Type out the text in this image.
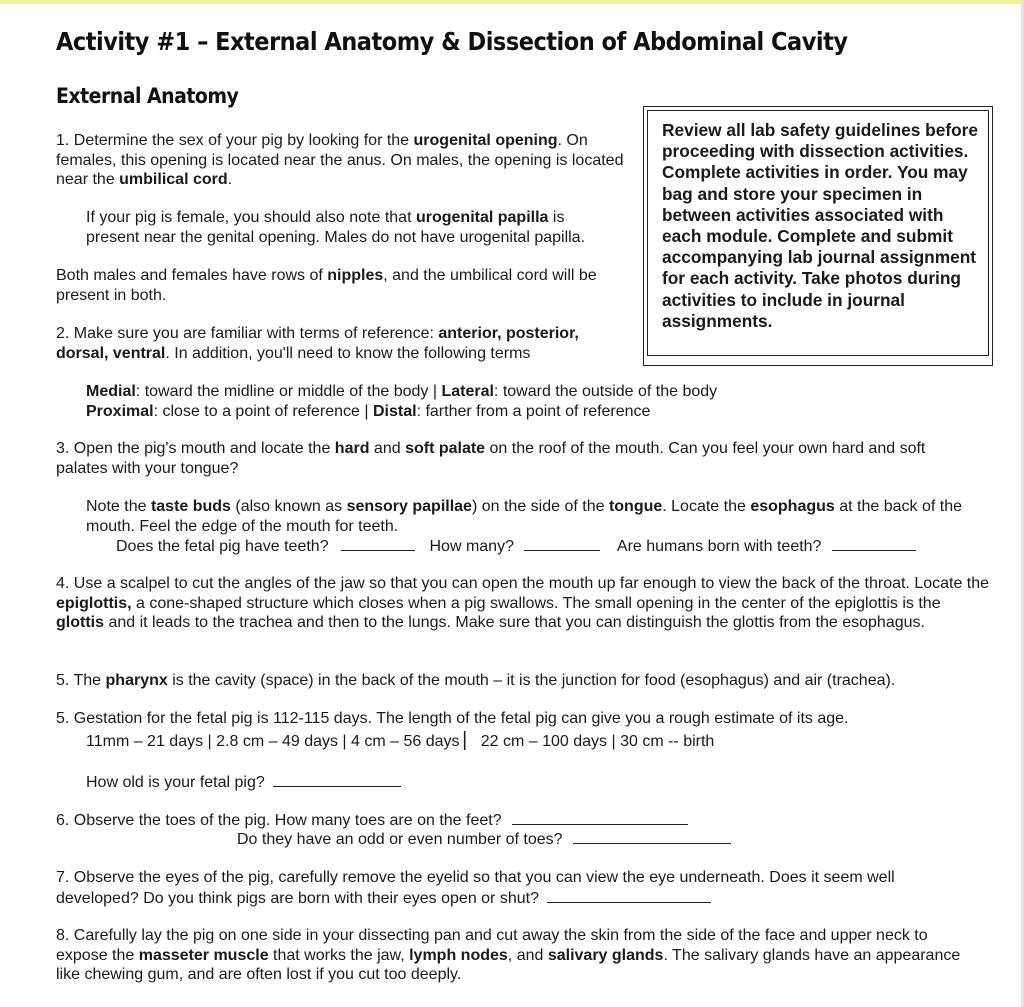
Activity #1 – External Anatomy & Dissection of Abdominal Cavity
External Anatomy
Review all lab safety guidelines before proceeding with dissection activities. Complete activities in order. You may bag and store your specimen in between activities associated with each module. Complete and submit accompanying lab journal assignment for each activity. Take photos during activities to include in journal assignments.
1. Determine the sex of your pig by looking for the urogenital opening. On females, this opening is located near the anus. On males, the opening is located near the umbilical cord.
If your pig is female, you should also note that urogenital papilla is present near the genital opening. Males do not have urogenital papilla.
Both males and females have rows of nipples, and the umbilical cord will be present in both.
2. Make sure you are familiar with terms of reference: anterior, posterior, dorsal, ventral. In addition, you'll need to know the following terms

Medial: toward the midline or middle of the body | Lateral: toward the outside of the body

Proximal: close to a point of reference | Distal: farther from a point of reference

3. Open the pig's mouth and locate the hard and soft palate on the roof of the mouth. Can you feel your own hard and soft palates with your tongue?
Note the taste buds (also known as sensory papillae) on the side of the tongue. Locate the esophagus at the back of the mouth. Feel the edge of the mouth for teeth.
Does the fetal pig have teeth?	How many?	Are humans born with teeth?
4. Use a scalpel to cut the angles of the jaw so that you can open the mouth up far enough to view the back of the throat. Locate the epiglottis, a cone-shaped structure which closes when a pig swallows. The small opening in the center of the epiglottis is the glottis and it leads to the trachea and then to the lungs. Make sure that you can distinguish the glottis from the esophagus.
5. The pharynx is the cavity (space) in the back of the mouth – it is the junction for food (esophagus) and air (trachea).
5. Gestation for the fetal pig is 112-115 days. The length of the fetal pig can give you a rough estimate of its age.
11mm – 21 days | 2.8 cm – 49 days | 4 cm – 56 days ▏ 22 cm – 100 days | 30 cm -- birth
How old is your fetal pig?
6. Observe the toes of the pig. How many toes are on the feet?
Do they have an odd or even number of toes?
7. Observe the eyes of the pig, carefully remove the eyelid so that you can view the eye underneath. Does it seem well developed? Do you think pigs are born with their eyes open or shut?
8. Carefully lay the pig on one side in your dissecting pan and cut away the skin from the side of the face and upper neck to expose the masseter muscle that works the jaw, lymph nodes, and salivary glands. The salivary glands have an appearance like chewing gum, and are often lost if you cut too deeply.
